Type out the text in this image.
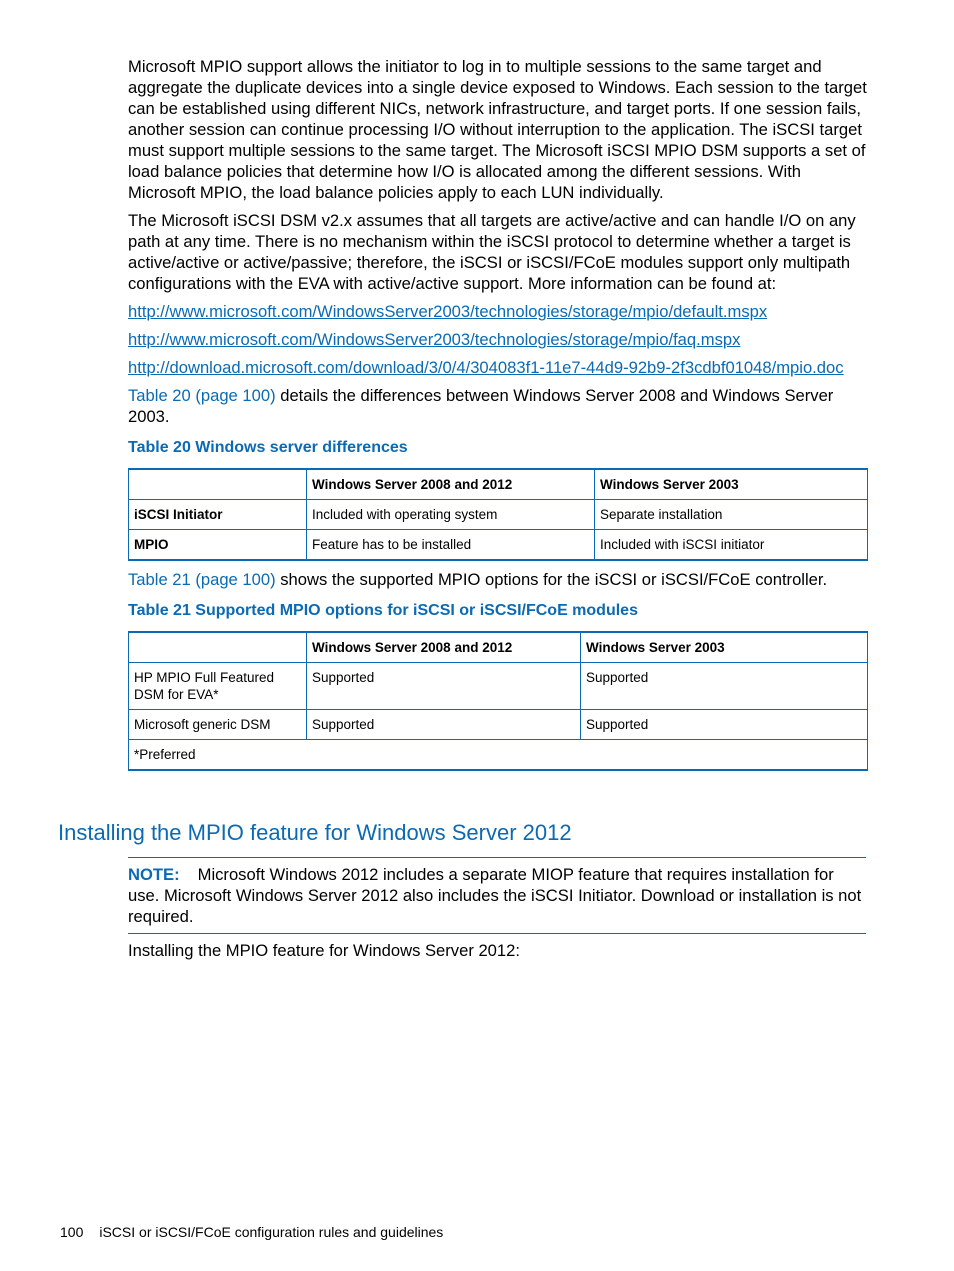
Microsoft MPIO support allows the initiator to log in to multiple sessions to the same target and aggregate the duplicate devices into a single device exposed to Windows. Each session to the target can be established using different NICs, network infrastructure, and target ports. If one session fails, another session can continue processing I/O without interruption to the application. The iSCSI target must support multiple sessions to the same target. The Microsoft iSCSI MPIO DSM supports a set of load balance policies that determine how I/O is allocated among the different sessions. With Microsoft MPIO, the load balance policies apply to each LUN individually.

The Microsoft iSCSI DSM v2.x assumes that all targets are active/active and can handle I/O on any path at any time. There is no mechanism within the iSCSI protocol to determine whether a target is active/active or active/passive; therefore, the iSCSI or iSCSI/FCoE modules support only multipath configurations with the EVA with active/active support. More information can be found at:

http://www.microsoft.com/WindowsServer2003/technologies/storage/mpio/default.mspx

http://www.microsoft.com/WindowsServer2003/technologies/storage/mpio/faq.mspx

http://download.microsoft.com/download/3/0/4/304083f1-11e7-44d9-92b9-2f3cdbf01048/mpio.doc

Table 20 (page 100) details the differences between Windows Server 2008 and Windows Server 2003.

Table 20 Windows server differences
	Windows Server 2008 and 2012	Windows Server 2003
iSCSI Initiator	Included with operating system	Separate installation
MPIO	Feature has to be installed	Included with iSCSI initiator

Table 21 (page 100) shows the supported MPIO options for the iSCSI or iSCSI/FCoE controller.

Table 21 Supported MPIO options for iSCSI or iSCSI/FCoE modules
	Windows Server 2008 and 2012	Windows Server 2003
HP MPIO Full Featured DSM for EVA*	Supported	Supported
Microsoft generic DSM	Supported	Supported
*Preferred		
Installing the MPIO feature for Windows Server 2012
NOTE: Microsoft Windows 2012 includes a separate MIOP feature that requires installation for use. Microsoft Windows Server 2012 also includes the iSCSI Initiator. Download or installation is not required.
Installing the MPIO feature for Windows Server 2012:
100 iSCSI or iSCSI/FCoE configuration rules and guidelines
